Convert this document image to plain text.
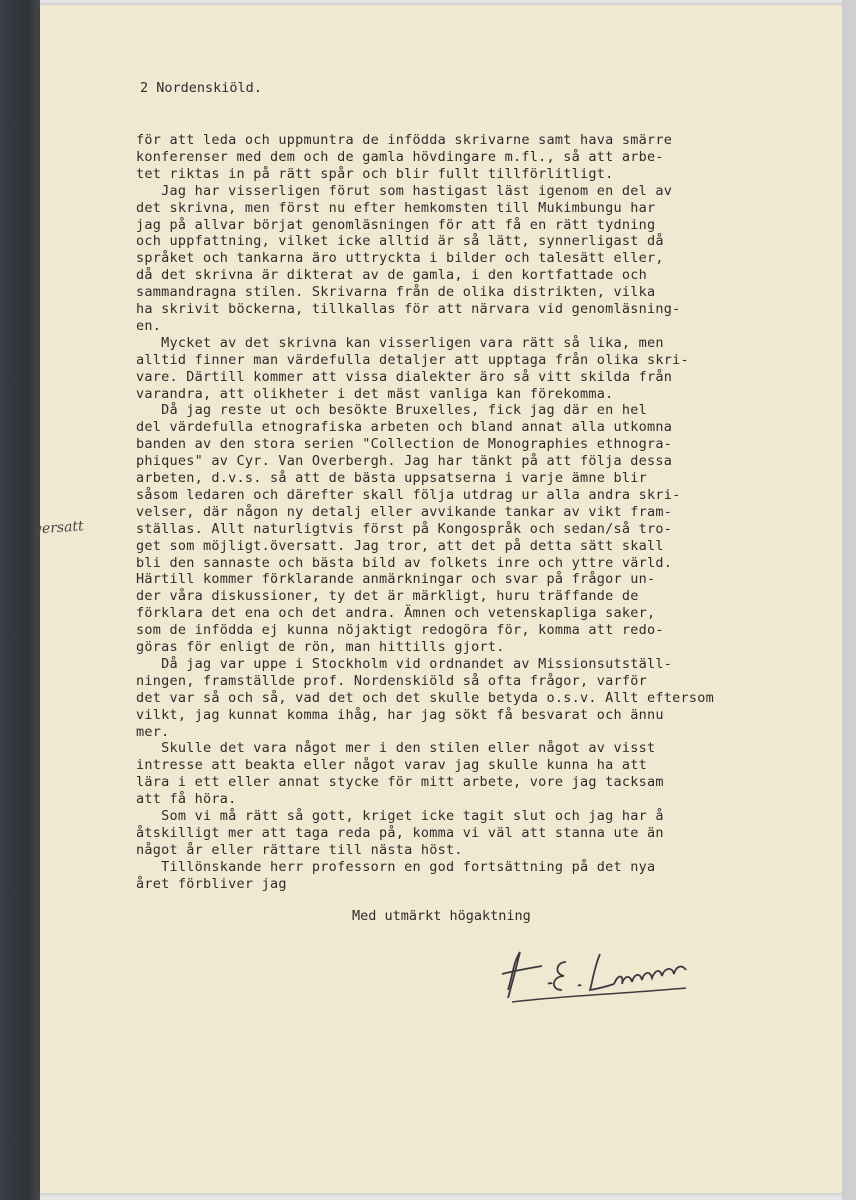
2 Nordenskiöld.
versatt
för att leda och uppmuntra de infödda skrivarne samt hava smärre
konferenser med dem och de gamla hövdingare m.fl., så att arbe-
tet riktas in på rätt spår och blir fullt tillförlitligt.
Jag har visserligen förut som hastigast läst igenom en del av
det skrivna, men först nu efter hemkomsten till Mukimbungu har
jag på allvar börjat genomläsningen för att få en rätt tydning
och uppfattning, vilket icke alltid är så lätt, synnerligast då
språket och tankarna äro uttryckta i bilder och talesätt eller,
då det skrivna är dikterat av de gamla, i den kortfattade och
sammandragna stilen. Skrivarna från de olika distrikten, vilka
ha skrivit böckerna, tillkallas för att närvara vid genomläsning-
en.
Mycket av det skrivna kan visserligen vara rätt så lika, men
alltid finner man värdefulla detaljer att upptaga från olika skri-
vare. Därtill kommer att vissa dialekter äro så vitt skilda från
varandra, att olikheter i det mäst vanliga kan förekomma.
Då jag reste ut och besökte Bruxelles, fick jag där en hel
del värdefulla etnografiska arbeten och bland annat alla utkomna
banden av den stora serien "Collection de Monographies ethnogra-
phiques" av Cyr. Van Overbergh. Jag har tänkt på att följa dessa
arbeten, d.v.s. så att de bästa uppsatserna i varje ämne blir
såsom ledaren och därefter skall följa utdrag ur alla andra skri-
velser, där någon ny detalj eller avvikande tankar av vikt fram-
ställas. Allt naturligtvis först på Kongospråk och sedan/så tro-
get som möjligt.översatt. Jag tror, att det på detta sätt skall
bli den sannaste och bästa bild av folkets inre och yttre värld.
Härtill kommer förklarande anmärkningar och svar på frågor un-
der våra diskussioner, ty det är märkligt, huru träffande de
förklara det ena och det andra. Ämnen och vetenskapliga saker,
som de infödda ej kunna nöjaktigt redogöra för, komma att redo-
göras för enligt de rön, man hittills gjort.
Då jag var uppe i Stockholm vid ordnandet av Missionsutställ-
ningen, framställde prof. Nordenskiöld så ofta frågor, varför
det var så och så, vad det och det skulle betyda o.s.v. Allt eftersom
vilkt, jag kunnat komma ihåg, har jag sökt få besvarat och ännu
mer.
Skulle det vara något mer i den stilen eller något av visst
intresse att beakta eller något varav jag skulle kunna ha att
lära i ett eller annat stycke för mitt arbete, vore jag tacksam
att få höra.
Som vi må rätt så gott, kriget icke tagit slut och jag har å
åtskilligt mer att taga reda på, komma vi väl att stanna ute än
något år eller rättare till nästa höst.
Tillönskande herr professorn en god fortsättning på det nya
året förbliver jag
Med utmärkt högaktning
